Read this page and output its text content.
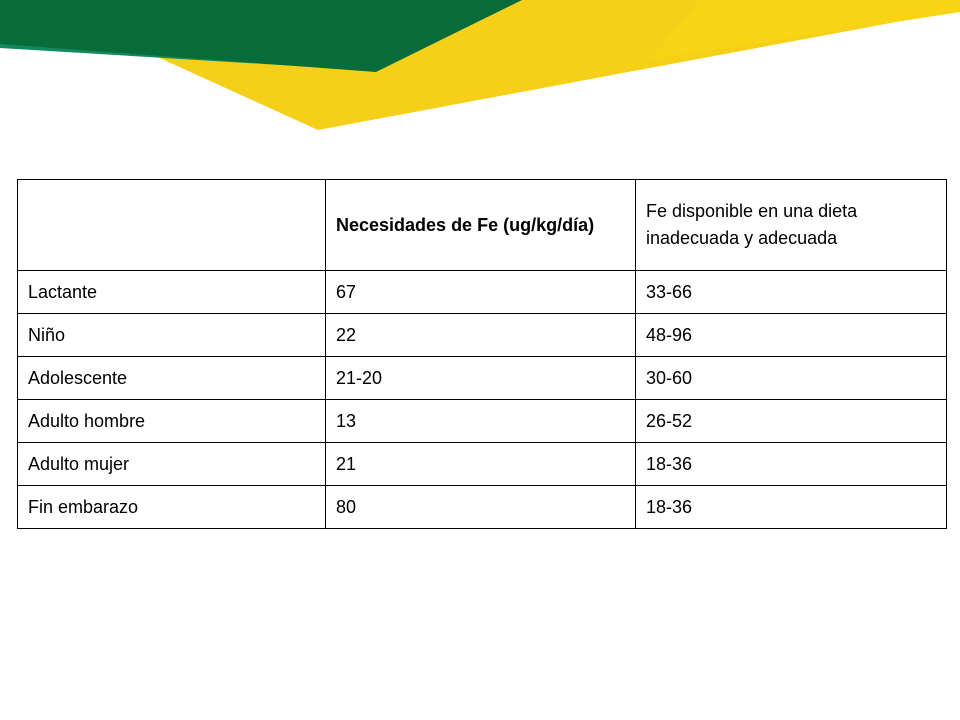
	Necesidades de Fe (ug/kg/día)	Fe disponible en una dieta inadecuada y adecuada
Lactante	67	33-66
Niño	22	48-96
Adolescente	21-20	30-60
Adulto hombre	13	26-52
Adulto mujer	21	18-36
Fin embarazo	80	18-36
